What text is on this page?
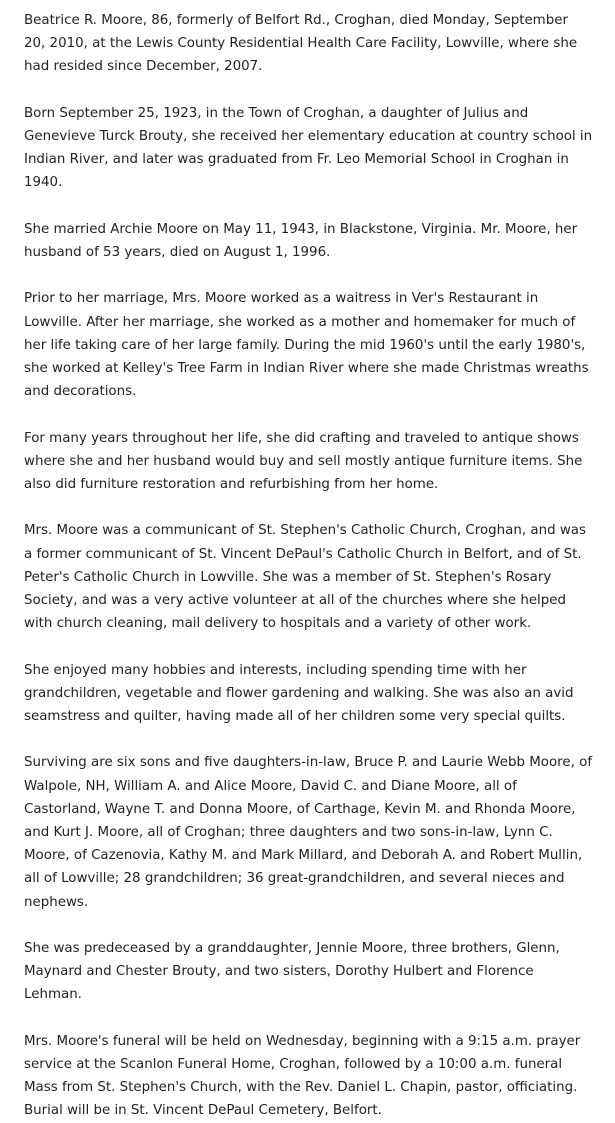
Beatrice R. Moore, 86, formerly of Belfort Rd., Croghan, died Monday, September 20, 2010, at the Lewis County Residential Health Care Facility, Lowville, where she had resided since December, 2007.

Born September 25, 1923, in the Town of Croghan, a daughter of Julius and Genevieve Turck Brouty, she received her elementary education at country school in Indian River, and later was graduated from Fr. Leo Memorial School in Croghan in 1940.

She married Archie Moore on May 11, 1943, in Blackstone, Virginia. Mr. Moore, her husband of 53 years, died on August 1, 1996.

Prior to her marriage, Mrs. Moore worked as a waitress in Ver's Restaurant in Lowville. After her marriage, she worked as a mother and homemaker for much of her life taking care of her large family. During the mid 1960's until the early 1980's, she worked at Kelley's Tree Farm in Indian River where she made Christmas wreaths and decorations.

For many years throughout her life, she did crafting and traveled to antique shows where she and her husband would buy and sell mostly antique furniture items. She also did furniture restoration and refurbishing from her home.

Mrs. Moore was a communicant of St. Stephen's Catholic Church, Croghan, and was a former communicant of St. Vincent DePaul's Catholic Church in Belfort, and of St. Peter's Catholic Church in Lowville. She was a member of St. Stephen's Rosary Society, and was a very active volunteer at all of the churches where she helped with church cleaning, mail delivery to hospitals and a variety of other work.

She enjoyed many hobbies and interests, including spending time with her grandchildren, vegetable and flower gardening and walking. She was also an avid seamstress and quilter, having made all of her children some very special quilts.

Surviving are six sons and five daughters-in-law, Bruce P. and Laurie Webb Moore, of Walpole, NH, William A. and Alice Moore, David C. and Diane Moore, all of Castorland, Wayne T. and Donna Moore, of Carthage, Kevin M. and Rhonda Moore, and Kurt J. Moore, all of Croghan; three daughters and two sons-in-law, Lynn C. Moore, of Cazenovia, Kathy M. and Mark Millard, and Deborah A. and Robert Mullin, all of Lowville; 28 grandchildren; 36 great-grandchildren, and several nieces and nephews.

She was predeceased by a granddaughter, Jennie Moore, three brothers, Glenn, Maynard and Chester Brouty, and two sisters, Dorothy Hulbert and Florence Lehman.

Mrs. Moore's funeral will be held on Wednesday, beginning with a 9:15 a.m. prayer service at the Scanlon Funeral Home, Croghan, followed by a 10:00 a.m. funeral Mass from St. Stephen's Church, with the Rev. Daniel L. Chapin, pastor, officiating. Burial will be in St. Vincent DePaul Cemetery, Belfort.
